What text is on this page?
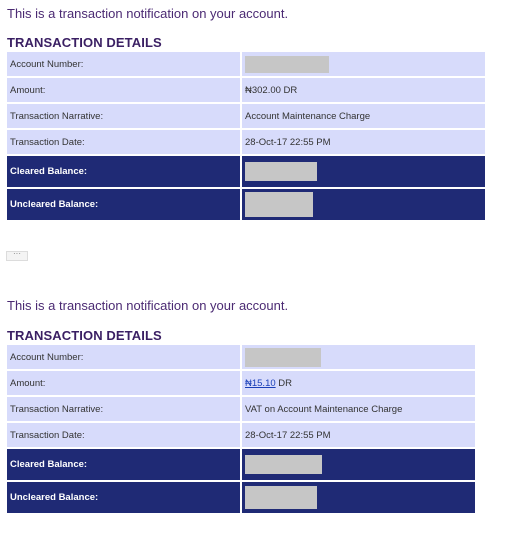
This is a transaction notification on your account.
TRANSACTION DETAILS
Account Number:	
Amount:	₦302.00 DR
Transaction Narrative:	Account Maintenance Charge
Transaction Date:	28-Oct-17 22:55 PM
Cleared Balance:	
Uncleared Balance:	
···
This is a transaction notification on your account.
TRANSACTION DETAILS
Account Number:	
Amount:	₦15.10 DR
Transaction Narrative:	VAT on Account Maintenance Charge
Transaction Date:	28-Oct-17 22:55 PM
Cleared Balance:	
Uncleared Balance:	
